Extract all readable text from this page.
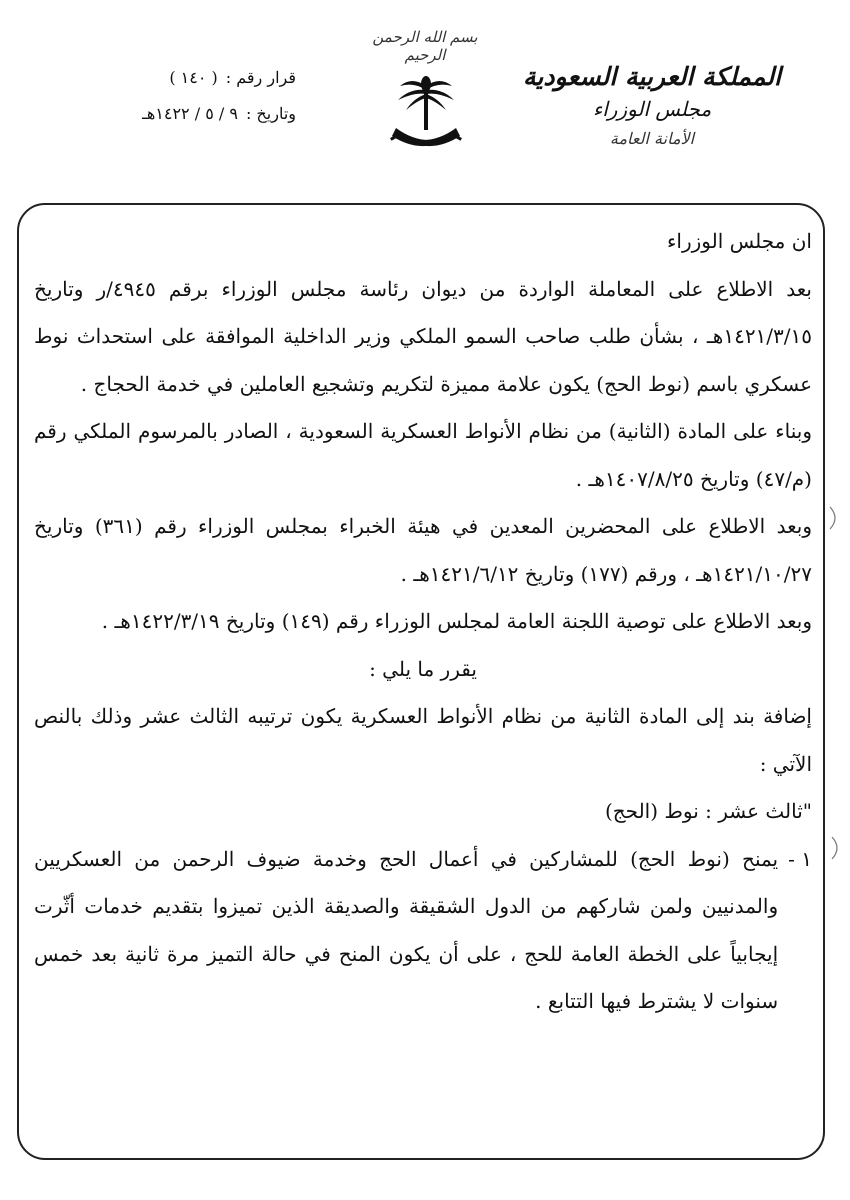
بسم الله الرحمن الرحيم
المملكة العربية السعودية
مجلس الوزراء
الأمانة العامة
قرار رقم :
( ١٤٠ )
وتاريخ :
٩ / ٥ / ١٤٢٢هـ

ان مجلس الوزراء

بعد الاطلاع على المعاملة الواردة من ديوان رئاسة مجلس الوزراء برقم ٤٩٤٥/ر وتاريخ ١٤٢١/٣/١٥هـ ، بشأن طلب صاحب السمو الملكي وزير الداخلية الموافقة على استحداث نوط عسكري باسم (نوط الحج) يكون علامة مميزة لتكريم وتشجيع العاملين في خدمة الحجاج .

وبناء على المادة (الثانية) من نظام الأنواط العسكرية السعودية ، الصادر بالمرسوم الملكي رقم (م/٤٧) وتاريخ ١٤٠٧/٨/٢٥هـ .

وبعد الاطلاع على المحضرين المعدين في هيئة الخبراء بمجلس الوزراء رقم (٣٦١) وتاريخ ١٤٢١/١٠/٢٧هـ ، ورقم (١٧٧) وتاريخ ١٤٢١/٦/١٢هـ .

وبعد الاطلاع على توصية اللجنة العامة لمجلس الوزراء رقم (١٤٩) وتاريخ ١٤٢٢/٣/١٩هـ .

يقرر ما يلي :

إضافة بند إلى المادة الثانية من نظام الأنواط العسكرية يكون ترتيبه الثالث عشر وذلك بالنص الآتي :

"ثالث عشر : نوط (الحج)

١ -
يمنح (نوط الحج) للمشاركين في أعمال الحج وخدمة ضيوف الرحمن من العسكريين والمدنيين ولمن شاركهم من الدول الشقيقة والصديقة الذين تميزوا بتقديم خدمات أثّرت إيجابياً على الخطة العامة للحج ، على أن يكون المنح في حالة التميز مرة ثانية بعد خمس سنوات لا يشترط فيها التتابع .
